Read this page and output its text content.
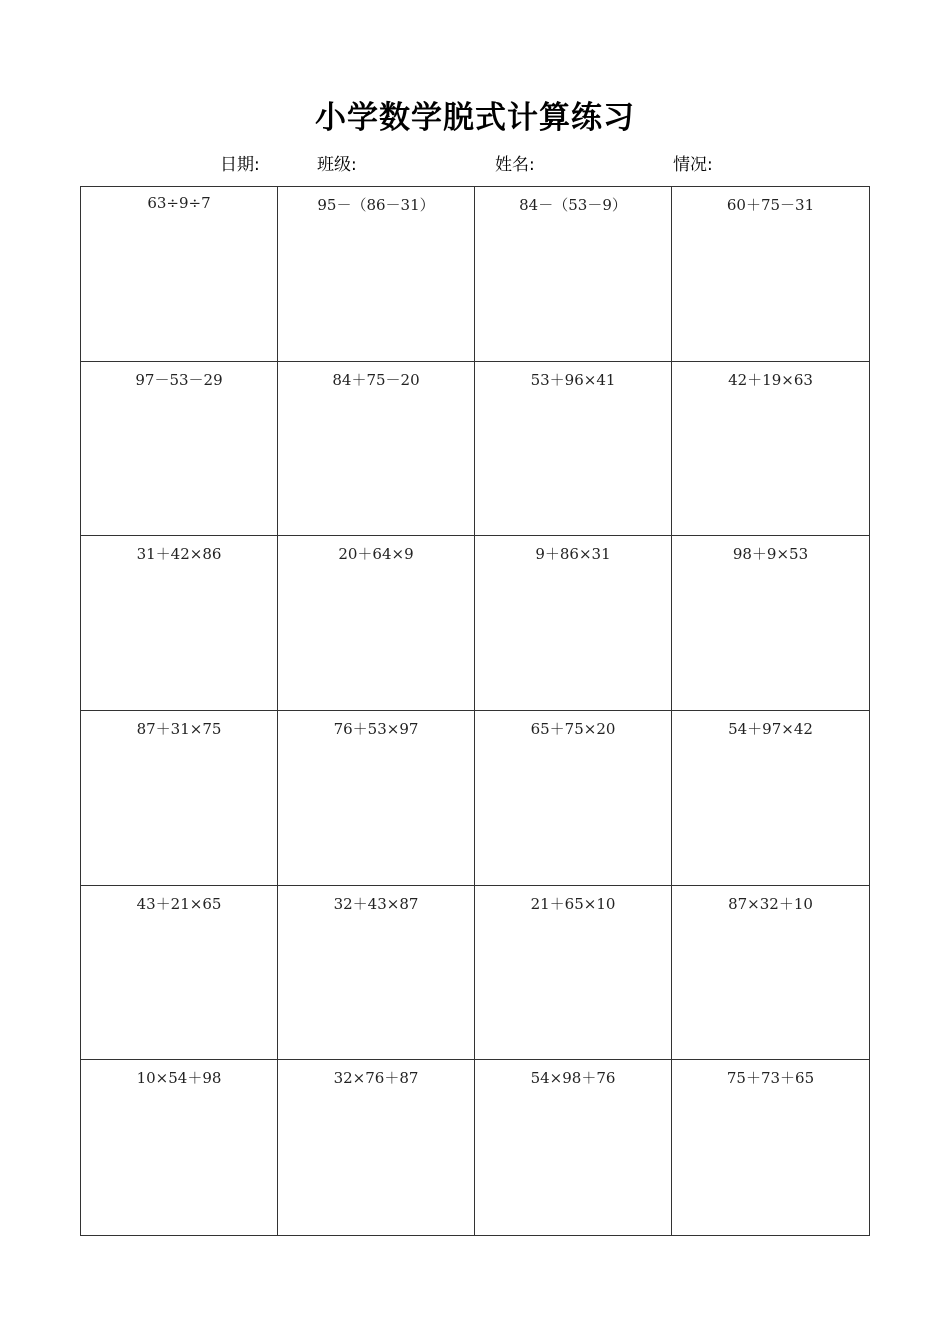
小学数学脱式计算练习
日期:	班级:	姓名:	情况:
63÷9÷7	95－（86－31）	84－（53－9）	60＋75－31
97－53－29	84＋75－20	53＋96×41	42＋19×63
31＋42×86	20＋64×9	9＋86×31	98＋9×53
87＋31×75	76＋53×97	65＋75×20	54＋97×42
43＋21×65	32＋43×87	21＋65×10	87×32＋10
10×54＋98	32×76＋87	54×98＋76	75＋73＋65
